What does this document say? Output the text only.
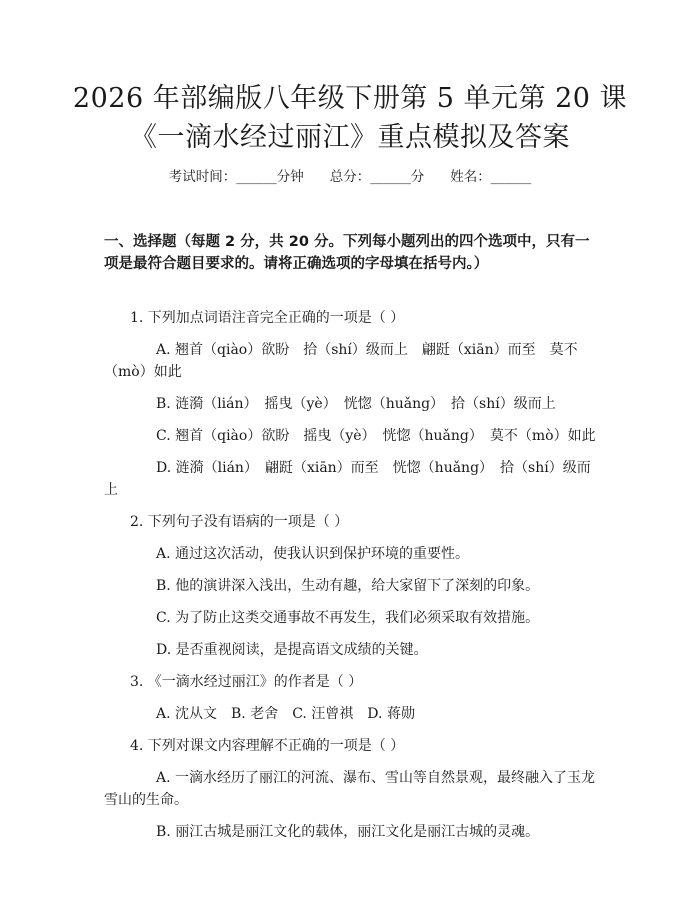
2026 年部编版八年级下册第 5 单元第 20 课
《一滴水经过丽江》重点模拟及答案
考试时间：______分钟 总分：______分 姓名：______
一、选择题（每题 2 分，共 20 分。下列每小题列出的四个选项中，只有一项是最符合题目要求的。请将正确选项的字母填在括号内。）
1. 下列加点词语注音完全正确的一项是（ ）
A. 翘首（qiào）欲盼　拾（shí）级而上　翩跹（xiān）而至　莫不
（mò）如此
B. 涟漪（lián）　摇曳（yè）　恍惚（huǎng）　拾（shí）级而上
C. 翘首（qiào）欲盼　摇曳（yè）　恍惚（huǎng）　莫不（mò）如此
D. 涟漪（lián）　翩跹（xiān）而至　恍惚（huǎng）　拾（shí）级而
上
2. 下列句子没有语病的一项是（ ）
A. 通过这次活动，使我认识到保护环境的重要性。
B. 他的演讲深入浅出，生动有趣，给大家留下了深刻的印象。
C. 为了防止这类交通事故不再发生，我们必须采取有效措施。
D. 是否重视阅读，是提高语文成绩的关键。
3. 《一滴水经过丽江》的作者是（ ）
A. 沈从文　B. 老舍　C. 汪曾祺　D. 蒋勋
4. 下列对课文内容理解不正确的一项是（ ）
A. 一滴水经历了丽江的河流、瀑布、雪山等自然景观，最终融入了玉龙
雪山的生命。
B. 丽江古城是丽江文化的载体，丽江文化是丽江古城的灵魂。
